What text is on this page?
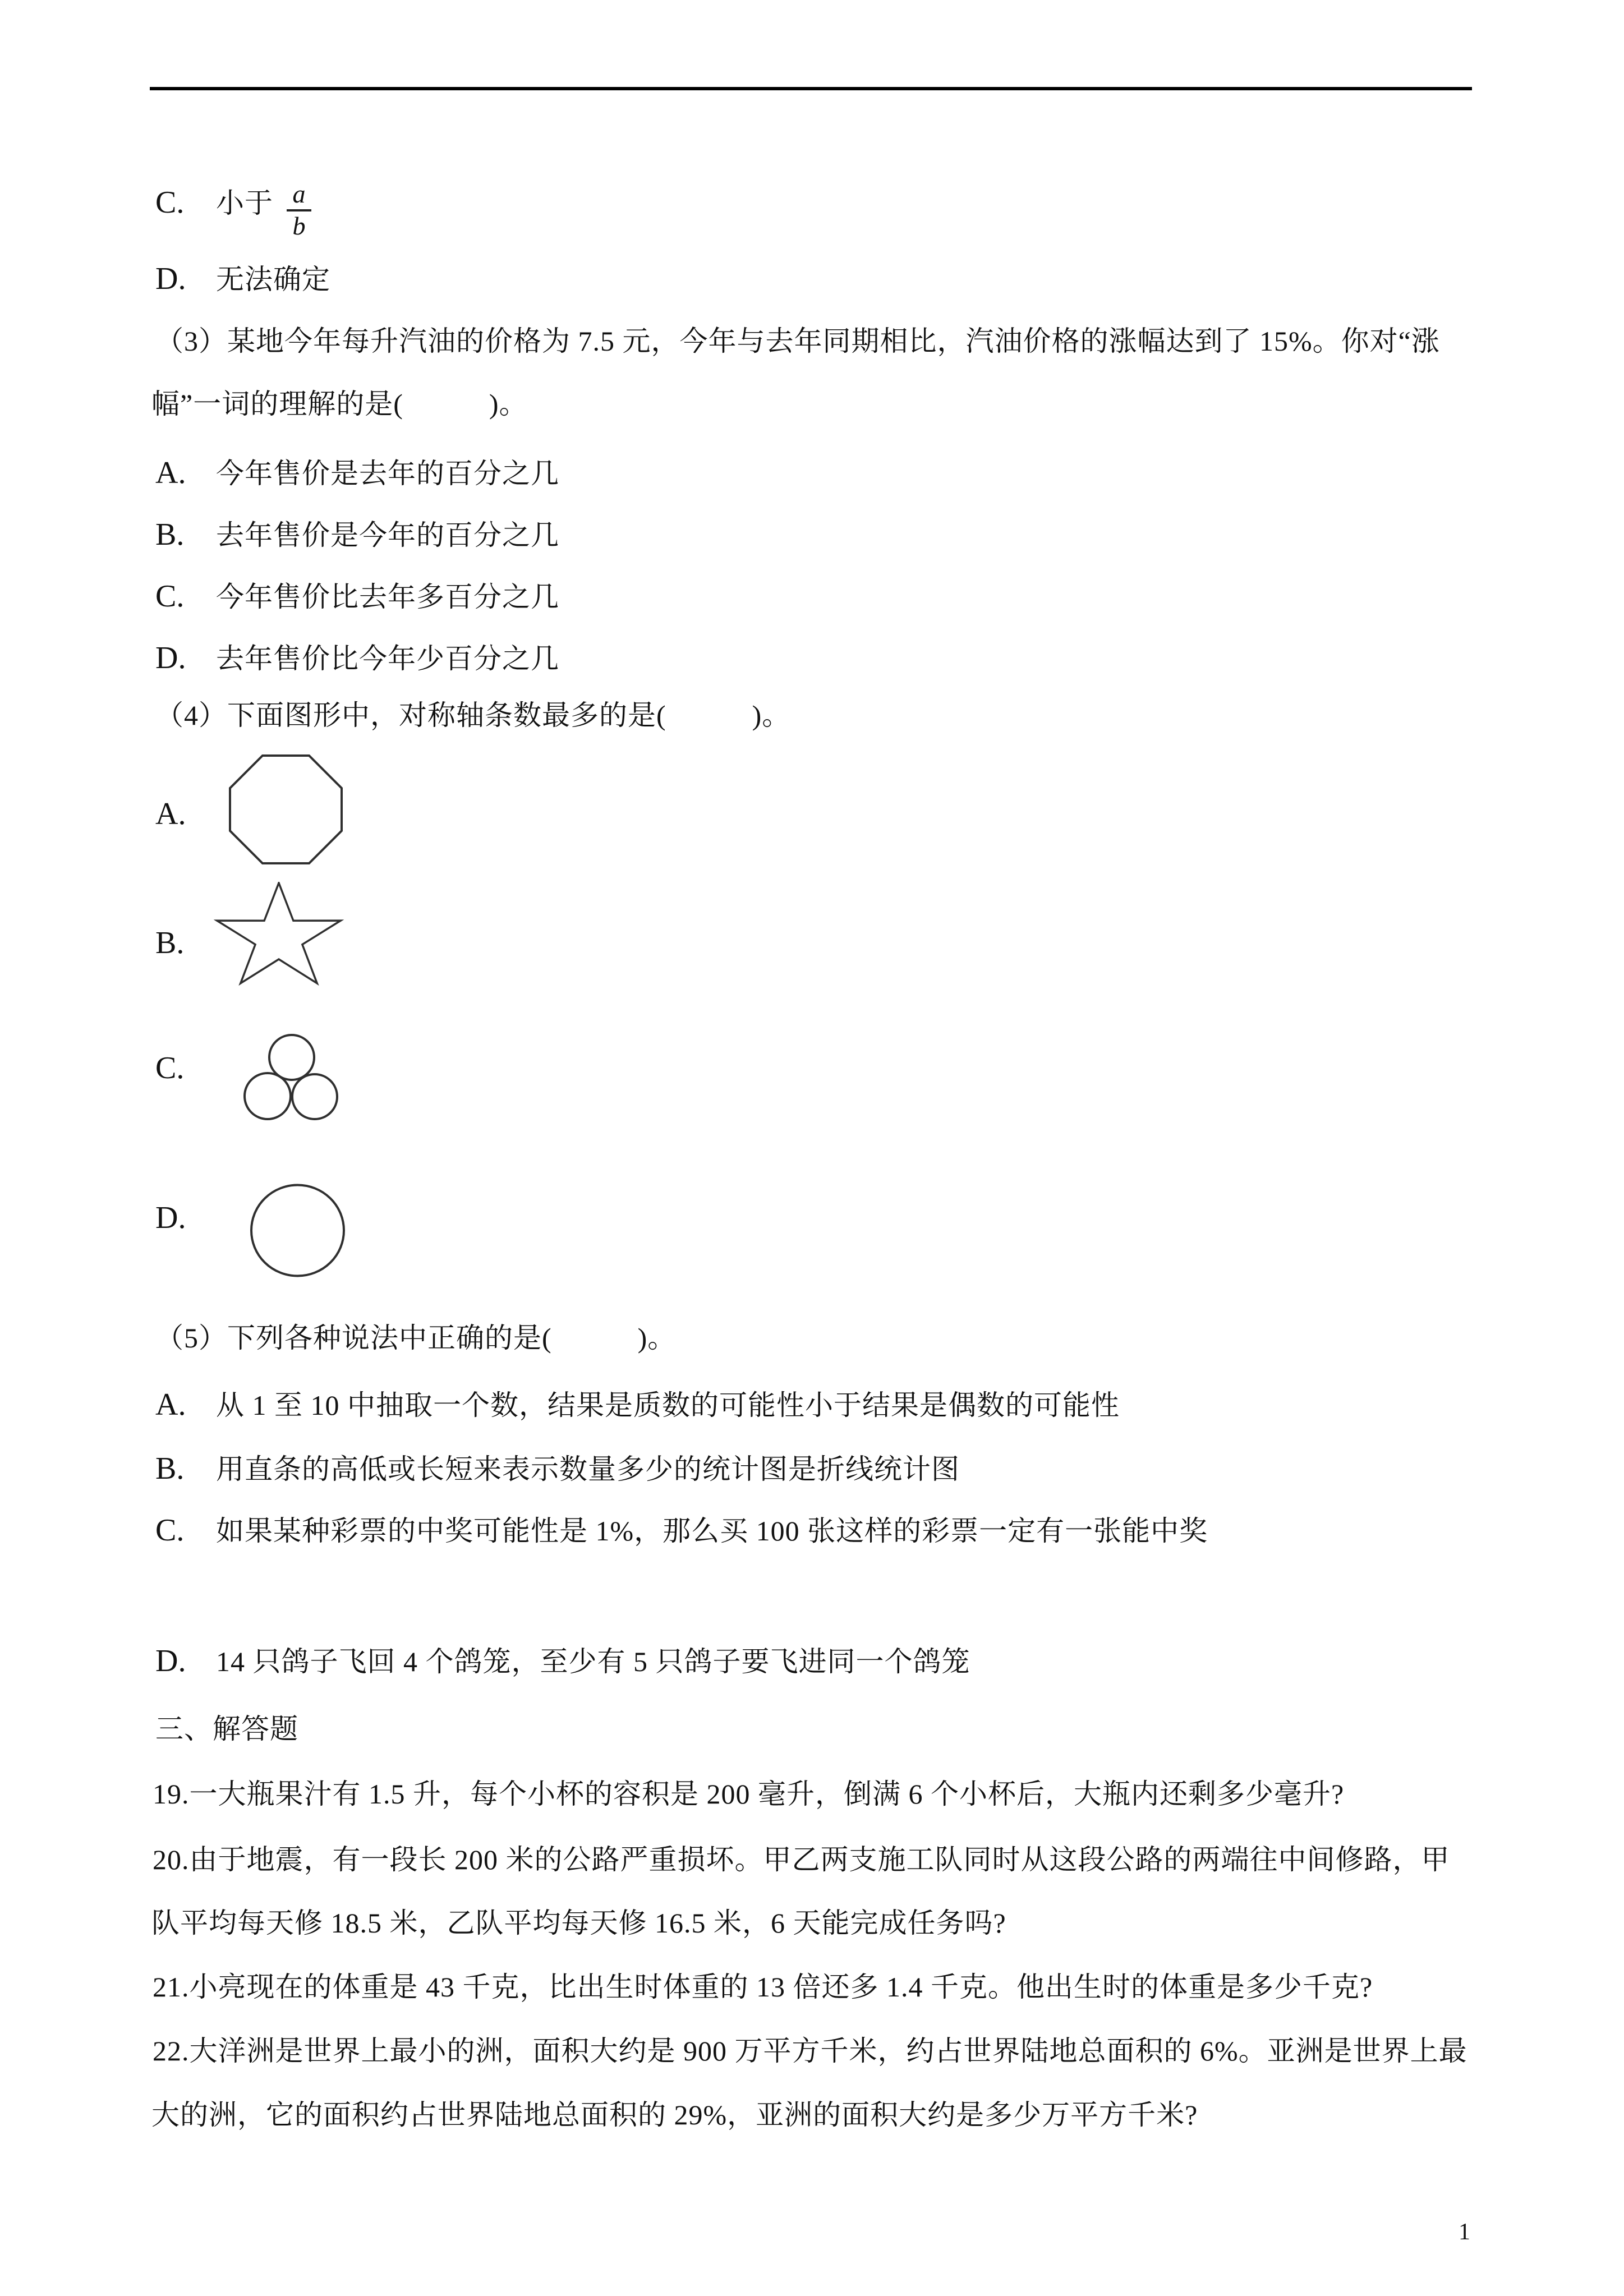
C. 小于 $\frac{a}{b}$
D. 无法确定
（3）某地今年每升汽油的价格为 7.5 元，今年与去年同期相比，汽油价格的涨幅达到了 15%。你对“涨
幅”一词的理解的是(　　　)。
A. 今年售价是去年的百分之几
B. 去年售价是今年的百分之几
C. 今年售价比去年多百分之几
D. 去年售价比今年少百分之几
（4）下面图形中，对称轴条数最多的是(　　　)。
A.
B.
C.
D.
（5）下列各种说法中正确的是(　　　)。
A. 从 1 至 10 中抽取一个数，结果是质数的可能性小于结果是偶数的可能性
B. 用直条的高低或长短来表示数量多少的统计图是折线统计图
C. 如果某种彩票的中奖可能性是 1%，那么买 100 张这样的彩票一定有一张能中奖
D. 14 只鸽子飞回 4 个鸽笼，至少有 5 只鸽子要飞进同一个鸽笼
三、解答题
19.一大瓶果汁有 1.5 升，每个小杯的容积是 200 毫升，倒满 6 个小杯后，大瓶内还剩多少毫升?
20.由于地震，有一段长 200 米的公路严重损坏。甲乙两支施工队同时从这段公路的两端往中间修路，甲
队平均每天修 18.5 米，乙队平均每天修 16.5 米，6 天能完成任务吗?
21.小亮现在的体重是 43 千克，比出生时体重的 13 倍还多 1.4 千克。他出生时的体重是多少千克?
22.大洋洲是世界上最小的洲，面积大约是 900 万平方千米，约占世界陆地总面积的 6%。亚洲是世界上最
大的洲，它的面积约占世界陆地总面积的 29%，亚洲的面积大约是多少万平方千米?
1
